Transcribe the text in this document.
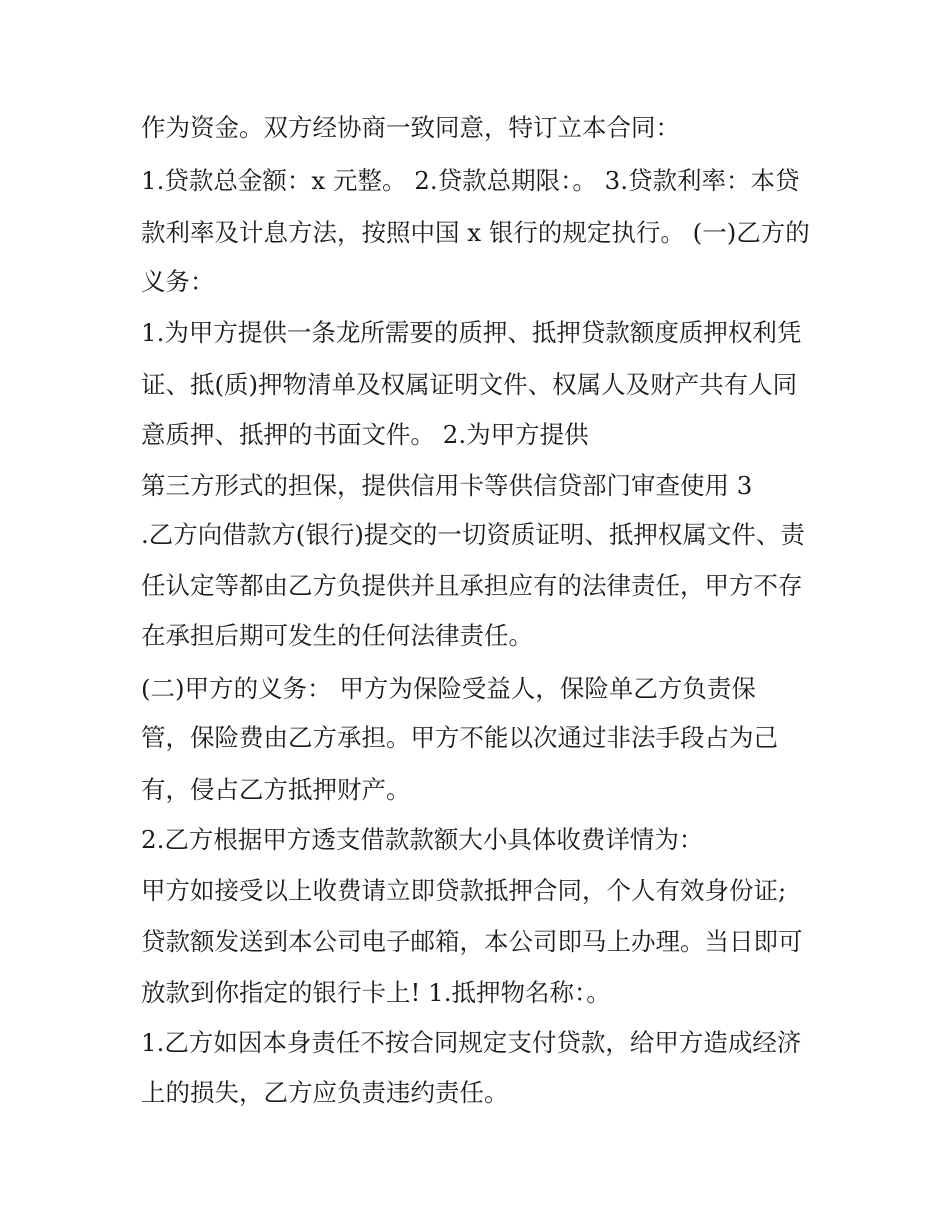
作为资金。双方经协商一致同意，特订立本合同：
1.贷款总金额：x 元整。 2.贷款总期限：。 3.贷款利率：本贷
款利率及计息方法，按照中国 x 银行的规定执行。 (一)乙方的
义务：
1.为甲方提供一条龙所需要的质押、抵押贷款额度质押权利凭
证、抵(质)押物清单及权属证明文件、权属人及财产共有人同
意质押、抵押的书面文件。 2.为甲方提供
第三方形式的担保，提供信用卡等供信贷部门审查使用 3
.乙方向借款方(银行)提交的一切资质证明、抵押权属文件、责
任认定等都由乙方负提供并且承担应有的法律责任，甲方不存
在承担后期可发生的任何法律责任。
(二)甲方的义务： 甲方为保险受益人，保险单乙方负责保
管，保险费由乙方承担。甲方不能以次通过非法手段占为己
有，侵占乙方抵押财产。
2.乙方根据甲方透支借款款额大小具体收费详情为：
甲方如接受以上收费请立即贷款抵押合同，个人有效身份证;
贷款额发送到本公司电子邮箱，本公司即马上办理。当日即可
放款到你指定的银行卡上! 1.抵押物名称：。
1.乙方如因本身责任不按合同规定支付贷款，给甲方造成经济
上的损失，乙方应负责违约责任。
